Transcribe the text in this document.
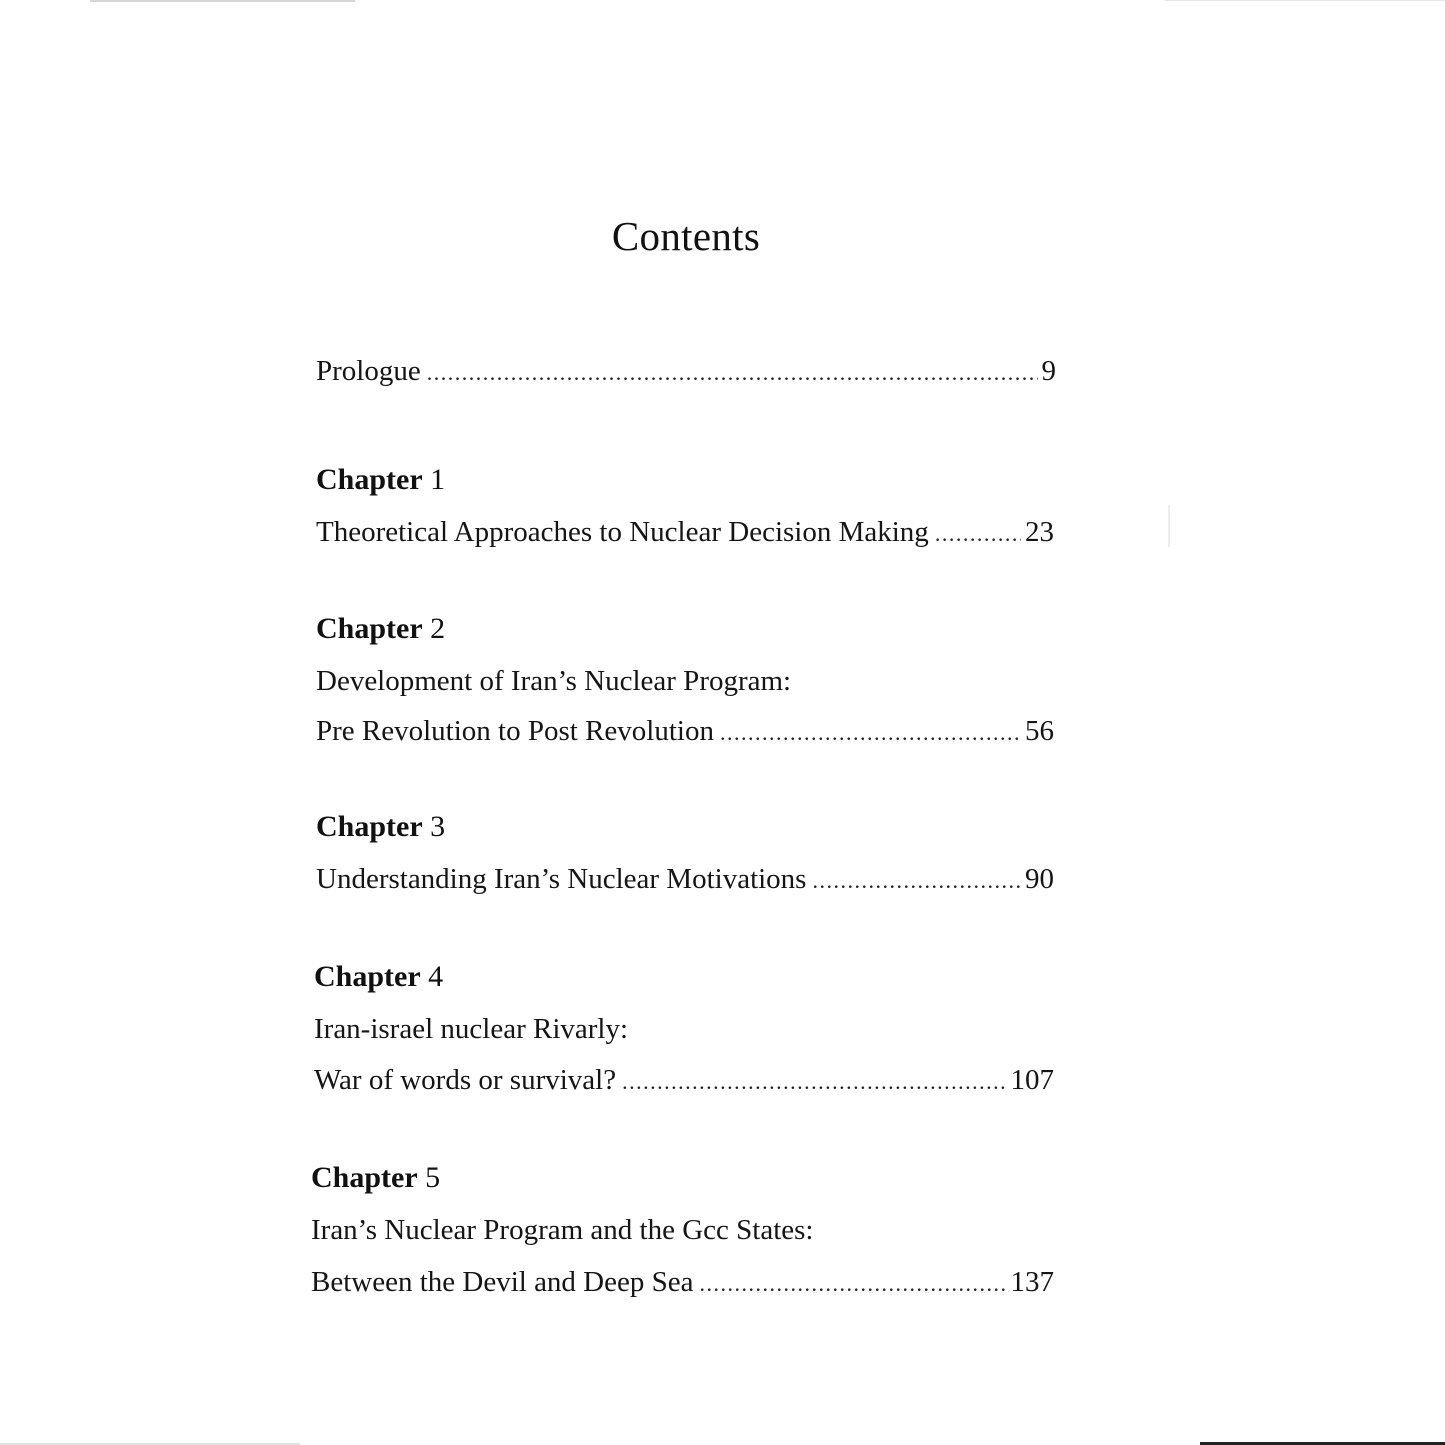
Contents
Prologue .....	9
Chapter 1
Theoretical Approaches to Nuclear Decision Making .....	23
Chapter 2
Development of Iran’s Nuclear Program:
Pre Revolution to Post Revolution .....	56
Chapter 3
Understanding Iran’s Nuclear Motivations .....	90
Chapter 4
Iran-israel nuclear Rivarly:
War of words or survival? .....	107
Chapter 5
Iran’s Nuclear Program and the Gcc States:
Between the Devil and Deep Sea .....	137
